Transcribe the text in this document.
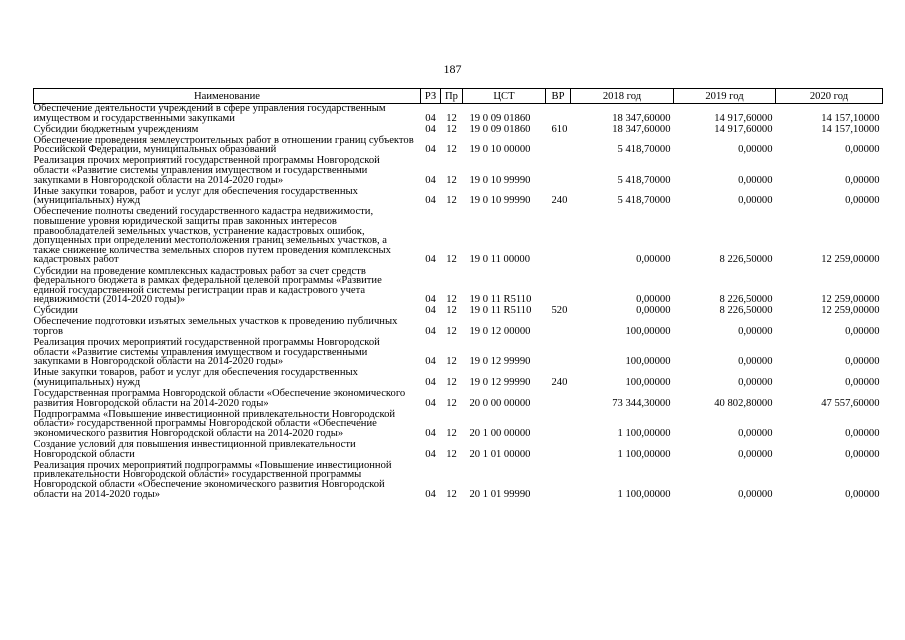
187
Наименование	РЗ	Пр	ЦСТ	ВР	2018 год	2019 год	2020 год
Обеспечение деятельности учреждений в сфере управления государственным имуществом и государственными закупками	04	12	19 0 09 01860		18 347,60000	14 917,60000	14 157,10000
Субсидии бюджетным учреждениям	04	12	19 0 09 01860	610	18 347,60000	14 917,60000	14 157,10000
Обеспечение проведения землеустроительных работ в отношении границ субъектов Российской Федерации, муниципальных образований	04	12	19 0 10 00000		5 418,70000	0,00000	0,00000
Реализация прочих мероприятий государственной программы Новгородской области «Развитие системы управления имуществом и государственными закупками в Новгородской области на 2014-2020 годы»	04	12	19 0 10 99990		5 418,70000	0,00000	0,00000
Иные закупки товаров, работ и услуг для обеспечения государственных (муниципальных) нужд	04	12	19 0 10 99990	240	5 418,70000	0,00000	0,00000
Обеспечение полноты сведений государственного кадастра недвижимости, повышение уровня юридической защиты прав законных интересов правообладателей земельных участков, устранение кадастровых ошибок, допущенных при определении местоположения границ земельных участков, а также снижение количества земельных споров путем проведения комплексных кадастровых работ	04	12	19 0 11 00000		0,00000	8 226,50000	12 259,00000
Субсидии на проведение комплексных кадастровых работ за счет средств федерального бюджета в рамках федеральной целевой программы «Развитие единой государственной системы регистрации прав и кадастрового учета недвижимости (2014-2020 годы)»	04	12	19 0 11 R5110		0,00000	8 226,50000	12 259,00000
Субсидии	04	12	19 0 11 R5110	520	0,00000	8 226,50000	12 259,00000
Обеспечение подготовки изъятых земельных участков к проведению публичных торгов	04	12	19 0 12 00000		100,00000	0,00000	0,00000
Реализация прочих мероприятий государственной программы Новгородской области «Развитие системы управления имуществом и государственными закупками в Новгородской области на 2014-2020 годы»	04	12	19 0 12 99990		100,00000	0,00000	0,00000
Иные закупки товаров, работ и услуг для обеспечения государственных (муниципальных) нужд	04	12	19 0 12 99990	240	100,00000	0,00000	0,00000
Государственная программа Новгородской области «Обеспечение экономического развития Новгородской области на 2014-2020 годы»	04	12	20 0 00 00000		73 344,30000	40 802,80000	47 557,60000
Подпрограмма «Повышение инвестиционной привлекательности Новгородской области» государственной программы Новгородской области «Обеспечение экономического развития Новгородской области на 2014-2020 годы»	04	12	20 1 00 00000		1 100,00000	0,00000	0,00000
Создание условий для повышения инвестиционной привлекательности Новгородской области	04	12	20 1 01 00000		1 100,00000	0,00000	0,00000
Реализация прочих мероприятий подпрограммы «Повышение инвестиционной привлекательности Новгородской области» государственной программы Новгородской области «Обеспечение экономического развития Новгородской области на 2014-2020 годы»	04	12	20 1 01 99990		1 100,00000	0,00000	0,00000
